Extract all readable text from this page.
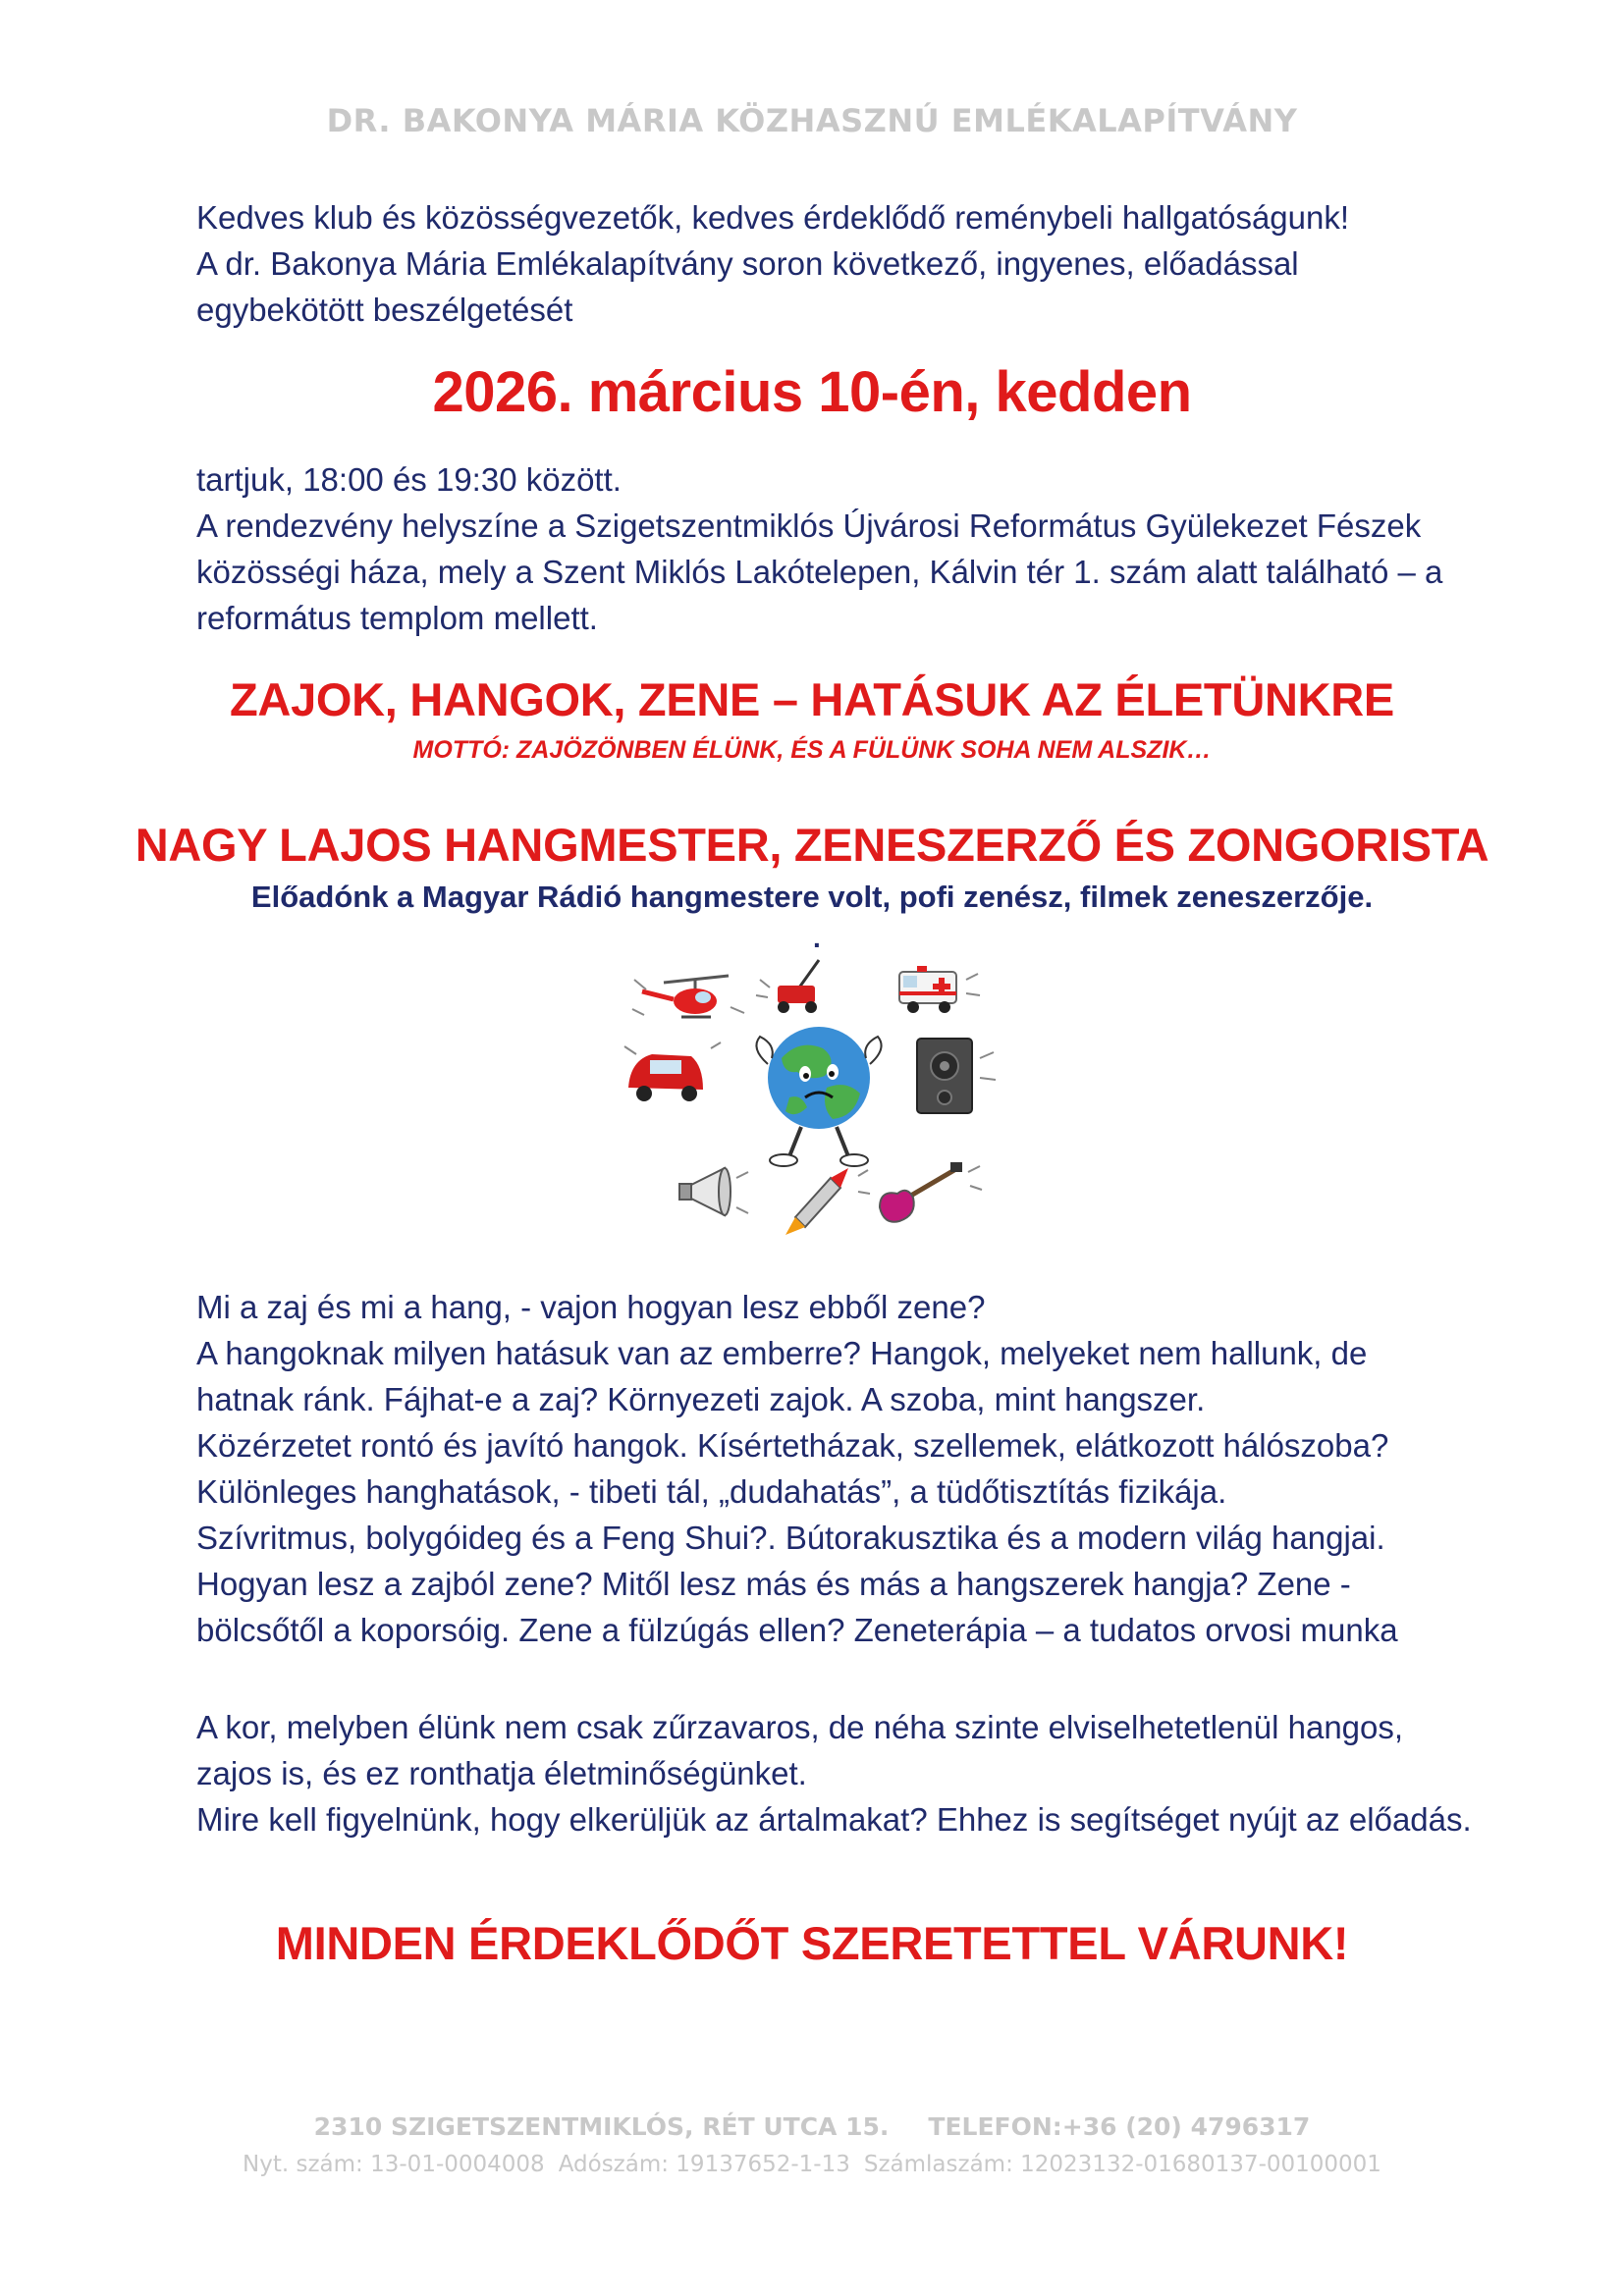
DR. BAKONYA MÁRIA KÖZHASZNÚ EMLÉKALAPÍTVÁNY
Kedves klub és közösségvezetők, kedves érdeklődő reménybeli hallgatóságunk!
A dr. Bakonya Mária Emlékalapítvány soron következő, ingyenes, előadással
egybekötött beszélgetését
2026. március 10-én, kedden
tartjuk, 18:00 és 19:30 között.
A rendezvény helyszíne a Szigetszentmiklós Újvárosi Református Gyülekezet Fészek
közösségi háza, mely a Szent Miklós Lakótelepen, Kálvin tér 1. szám alatt található – a
református templom mellett.
ZAJOK, HANGOK, ZENE – HATÁSUK AZ ÉLETÜNKRE
MOTTÓ: ZAJÖZÖNBEN ÉLÜNK, ÉS A FÜLÜNK SOHA NEM ALSZIK…
NAGY LAJOS HANGMESTER, ZENESZERZŐ ÉS ZONGORISTA
Előadónk a Magyar Rádió hangmestere volt, pofi zenész, filmek zeneszerzője.
.
Mi a zaj és mi a hang, - vajon hogyan lesz ebből zene?
A hangoknak milyen hatásuk van az emberre? Hangok, melyeket nem hallunk, de
hatnak ránk. Fájhat-e a zaj? Környezeti zajok. A szoba, mint hangszer.
Közérzetet rontó és javító hangok. Kísértetházak, szellemek, elátkozott hálószoba?
Különleges hanghatások, - tibeti tál, „dudahatás”, a tüdőtisztítás fizikája.
Szívritmus, bolygóideg és a Feng Shui?. Bútorakusztika és a modern világ hangjai.
Hogyan lesz a zajból zene? Mitől lesz más és más a hangszerek hangja? Zene -
bölcsőtől a koporsóig. Zene a fülzúgás ellen? Zeneterápia – a tudatos orvosi munka
A kor, melyben élünk nem csak zűrzavaros, de néha szinte elviselhetetlenül hangos,
zajos is, és ez ronthatja életminőségünket.
Mire kell figyelnünk, hogy elkerüljük az ártalmakat? Ehhez is segítséget nyújt az előadás.
MINDEN ÉRDEKLŐDŐT SZERETETTEL VÁRUNK!
2310 SZIGETSZENTMIKLÓS, RÉT UTCA 15. TELEFON:+36 (20) 4796317
Nyt. szám: 13-01-0004008 Adószám: 19137652-1-13 Számlaszám: 12023132-01680137-00100001
